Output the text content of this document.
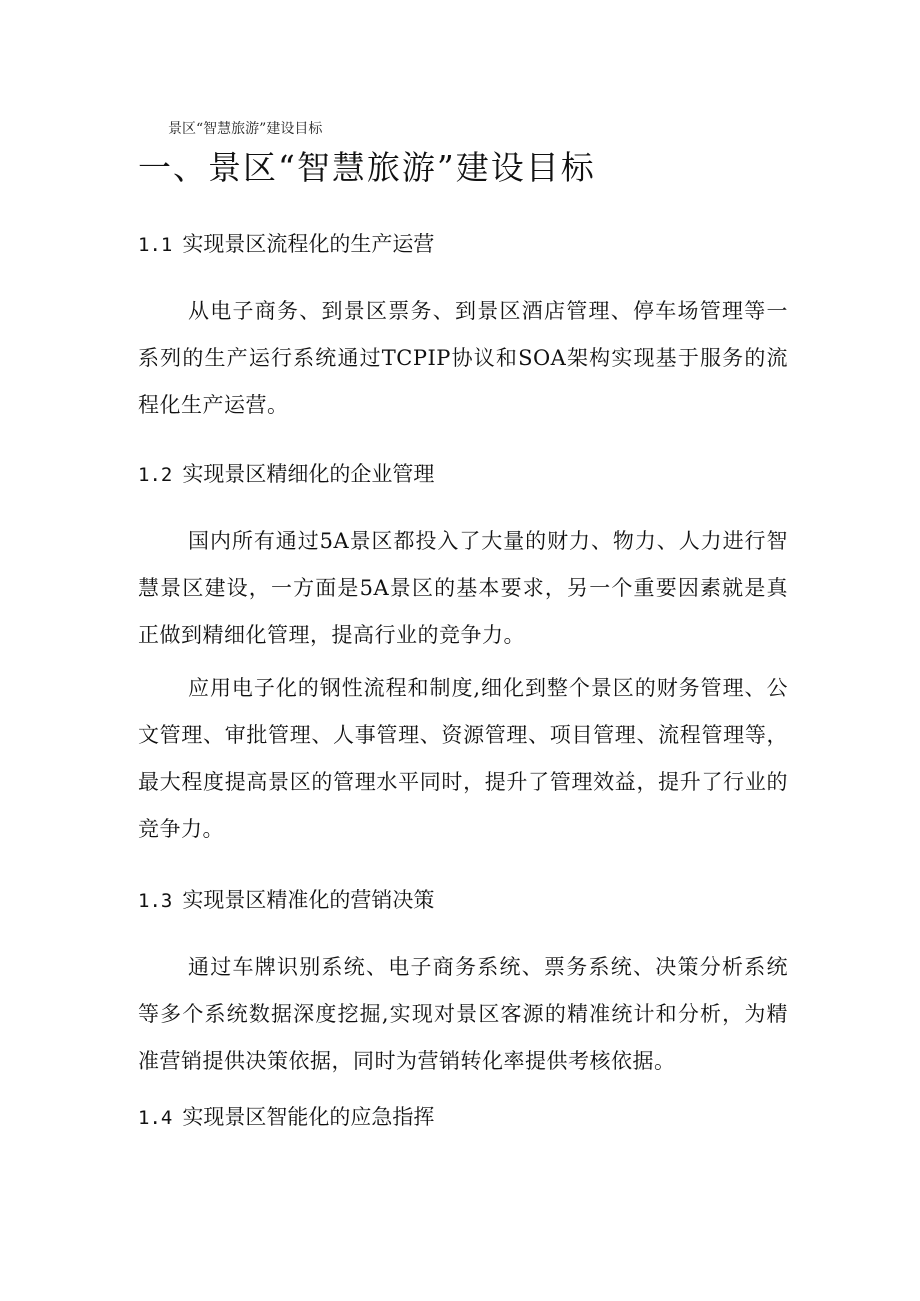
景区“智慧旅游”建设目标
一、景区“智慧旅游”建设目标
1.1 实现景区流程化的生产运营

从电子商务、到景区票务、到景区酒店管理、停车场管理等一系列的生产运行系统通过TCPIP协议和SOA架构实现基于服务的流程化生产运营。

1.2 实现景区精细化的企业管理

国内所有通过5A景区都投入了大量的财力、物力、人力进行智慧景区建设，一方面是5A景区的基本要求，另一个重要因素就是真正做到精细化管理，提高行业的竞争力。

应用电子化的钢性流程和制度,细化到整个景区的财务管理、公文管理、审批管理、人事管理、资源管理、项目管理、流程管理等，最大程度提高景区的管理水平同时，提升了管理效益，提升了行业的竞争力。

1.3 实现景区精准化的营销决策

通过车牌识别系统、电子商务系统、票务系统、决策分析系统等多个系统数据深度挖掘,实现对景区客源的精准统计和分析，为精准营销提供决策依据，同时为营销转化率提供考核依据。

1.4 实现景区智能化的应急指挥
